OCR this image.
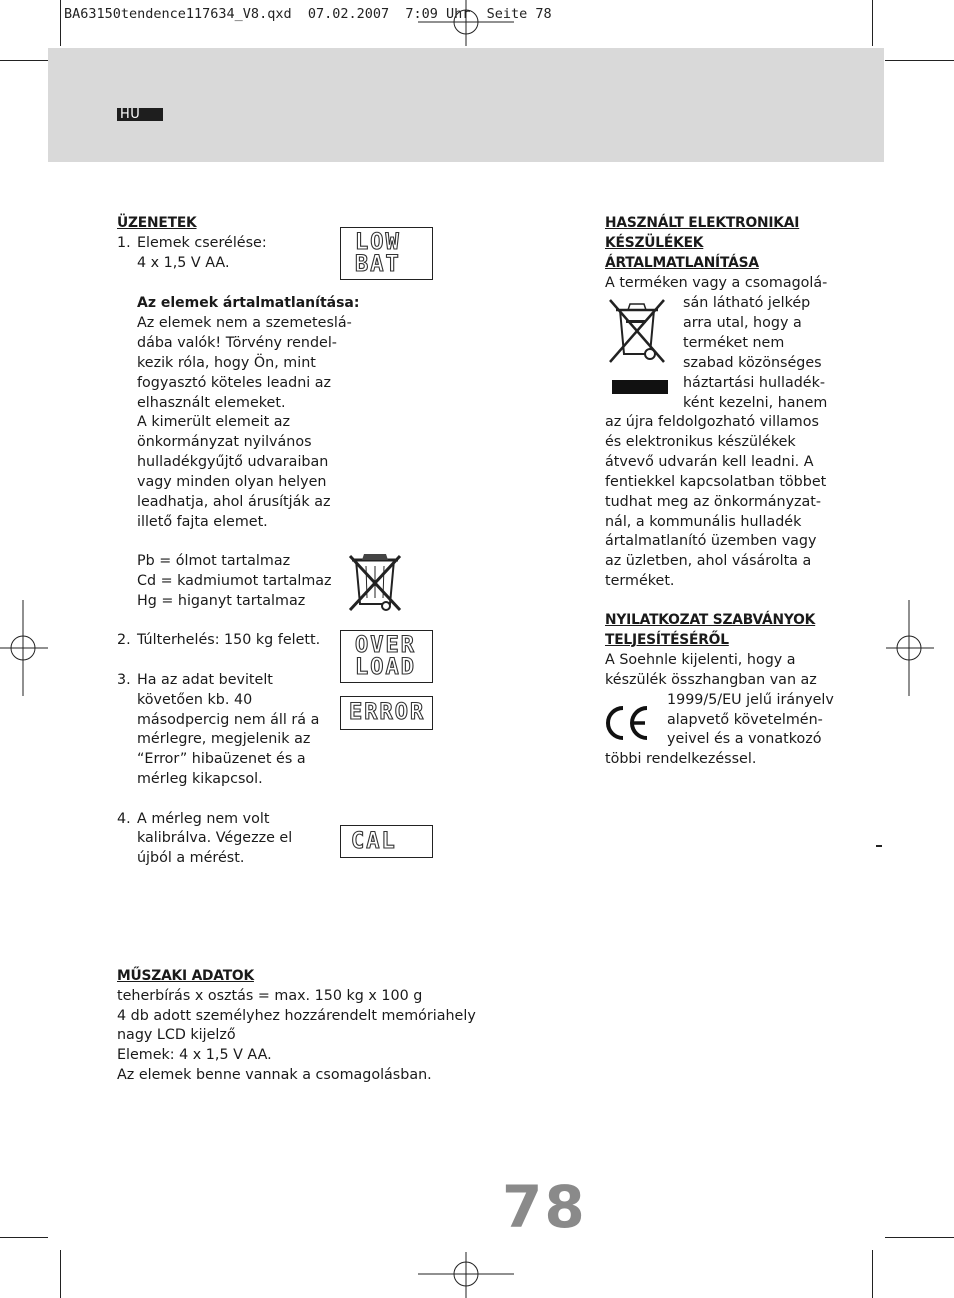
BA63150tendence117634_V8.qxd  07.02.2007  7:09 Uhr  Seite 78
HU
ÜZENETEK
1. Elemek cserélése:
4 x 1,5 V AA.
Az elemek ártalmatlanítása:
Az elemek nem a szemeteslá-
dába valók! Törvény rendel-
kezik róla, hogy Ön, mint
fogyasztó köteles leadni az
elhasznált elemeket.
A kimerült elemeit az
önkormányzat nyilvános
hulladékgyűjtő udvaraiban
vagy minden olyan helyen
leadhatja, ahol árusítják az
illető fajta elemet.
Pb = ólmot tartalmaz
Cd = kadmiumot tartalmaz
Hg = higanyt tartalmaz
2. Túlterhelés: 150 kg felett.
3. Ha az adat bevitelt
követően kb. 40
másodpercig nem áll rá a
mérlegre, megjelenik az
“Error” hibaüzenet és a
mérleg kikapcsol.
4. A mérleg nem volt
kalibrálva. Végezze el
újból a mérést.
LOW
BAT
OVER
LOAD
ERROR
CAL
MŰSZAKI ADATOK
teherbírás x osztás = max. 150 kg x 100 g
4 db adott személyhez hozzárendelt memóriahely
nagy LCD kijelző
Elemek: 4 x 1,5 V AA.
Az elemek benne vannak a csomagolásban.
HASZNÁLT ELEKTRONIKAI
KÉSZÜLÉKEK
ÁRTALMATLANÍTÁSA
A terméken vagy a csomagolá-
sán látható jelkép
arra utal, hogy a
terméket nem
szabad közönséges
háztartási hulladék-
ként kezelni, hanem
az újra feldolgozható villamos
és elektronikus készülékek
átvevő udvarán kell leadni. A
fentiekkel kapcsolatban többet
tudhat meg az önkormányzat-
nál, a kommunális hulladék
ártalmatlanító üzemben vagy
az üzletben, ahol vásárolta a
terméket.
NYILATKOZAT SZABVÁNYOK
TELJESÍTÉSÉRŐL
A Soehnle kijelenti, hogy a
készülék összhangban van az
1999/5/EU jelű irányelv
alapvető követelmén-
yeivel és a vonatkozó
többi rendelkezéssel.
78
